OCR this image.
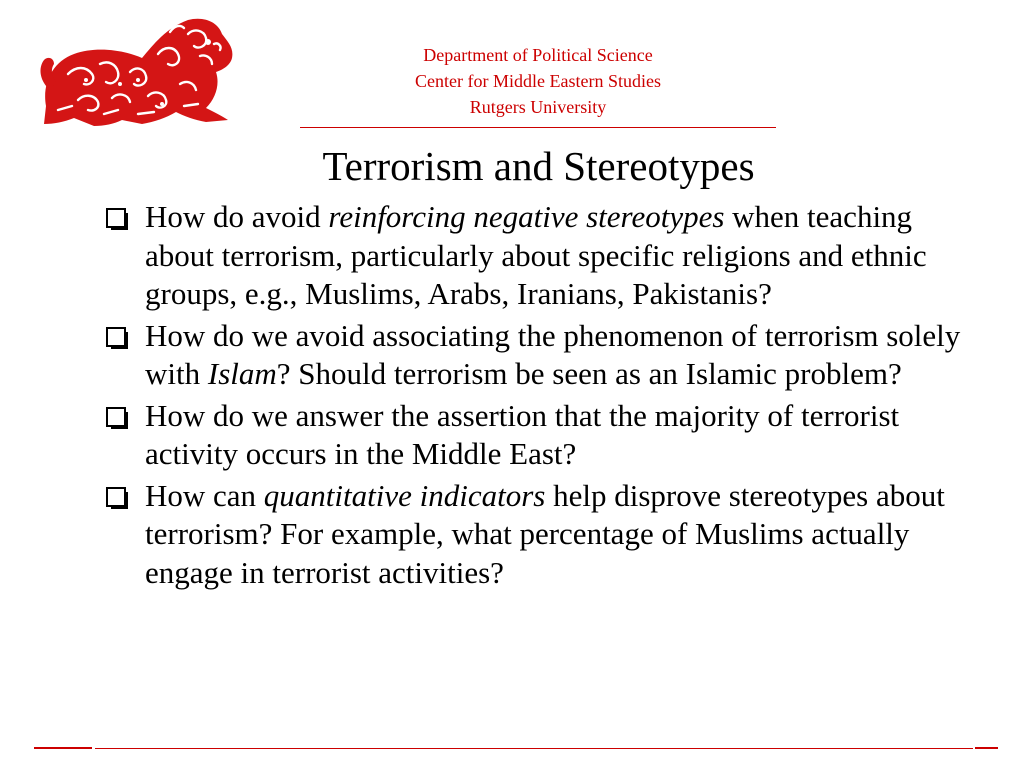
Department of Political Science
Center for Middle Eastern Studies
Rutgers University
Terrorism and Stereotypes
How do avoid reinforcing negative stereotypes when teaching about terrorism, particularly about specific religions and ethnic groups, e.g., Muslims, Arabs, Iranians, Pakistanis?
How do we avoid associating the phenomenon of terrorism solely with Islam? Should terrorism be seen as an Islamic problem?
How do we answer the assertion that the majority of terrorist activity occurs in the Middle East?
How can quantitative indicators help disprove stereotypes about terrorism? For example, what percentage of Muslims actually engage in terrorist activities?
